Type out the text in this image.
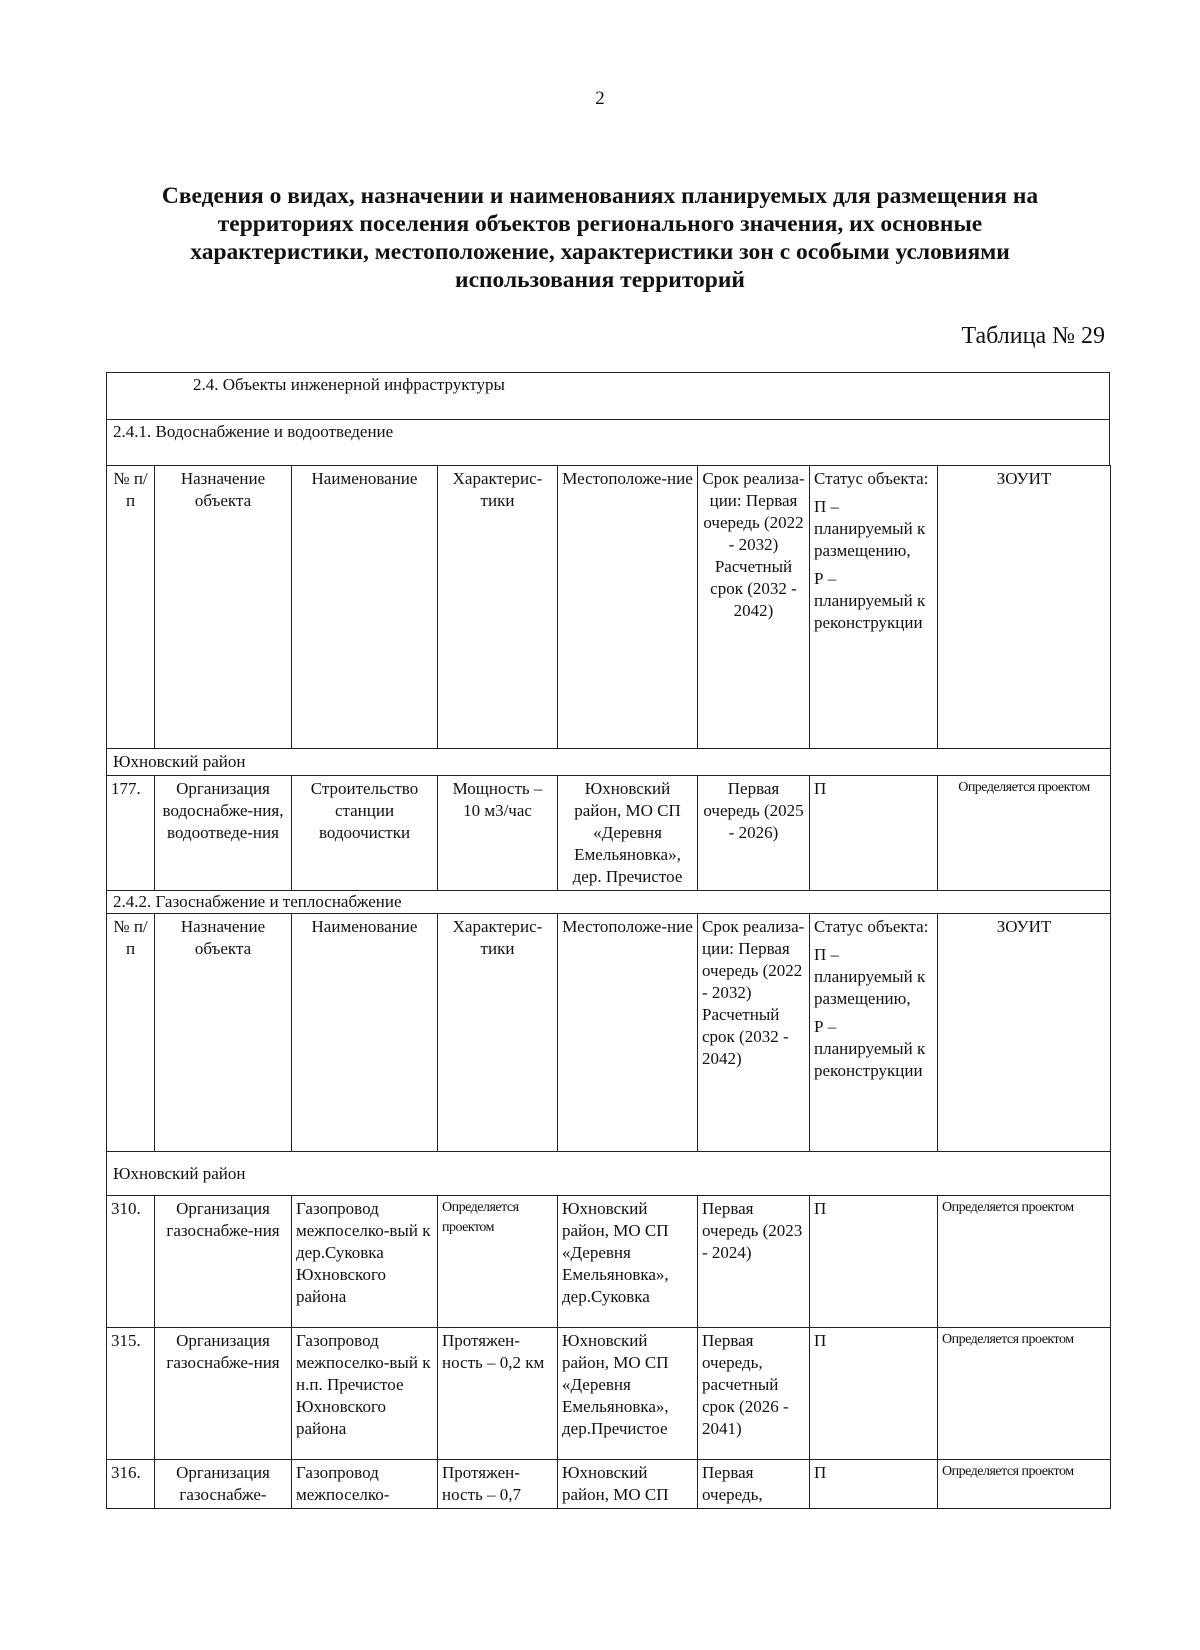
2
Сведения о видах, назначении и наименованиях планируемых для размещения на территориях поселения объектов регионального значения, их основные характеристики, местоположение, характеристики зон с особыми условиями использования территорий
Таблица № 29
2.4. Объекты инженерной инфраструктуры
2.4.1. Водоснабжение и водоотведение
№ п/п	Назначение объекта	Наименование	Характерис-тики	Местоположе-ние	Срок реализа-ции: Первая очередь (2022 - 2032) Расчетный срок (2032 - 2042)	Статус объекта:

П – планируемый к размещению,

Р – планируемый к реконструкции	ЗОУИТ
Юхновский район							
177.	Организация водоснабже-ния, водоотведе-ния	Строительство станции водоочистки	Мощность – 10 м3/час	Юхновский район, МО СП «Деревня Емельяновка», дер. Пречистое	Первая очередь (2025 - 2026)	П	Определяется проектом
2.4.2. Газоснабжение и теплоснабжение							
№ п/п	Назначение объекта	Наименование	Характерис-тики	Местоположе-ние	Срок реализа-ции: Первая очередь (2022 - 2032) Расчетный срок (2032 - 2042)	Статус объекта:

П – планируемый к размещению,

Р – планируемый к реконструкции	ЗОУИТ
Юхновский район							
310.	Организация газоснабже-ния	Газопровод межпоселко-вый к дер.Суковка Юхновского района	Определяется проектом	Юхновский район, МО СП «Деревня Емельяновка», дер.Суковка	Первая очередь (2023 - 2024)	П	Определяется проектом
315.	Организация газоснабже-ния	Газопровод межпоселко-вый к н.п. Пречистое Юхновского района	Протяжен-ность – 0,2 км	Юхновский район, МО СП «Деревня Емельяновка», дер.Пречистое	Первая очередь, расчетный срок (2026 - 2041)	П	Определяется проектом
316.	Организация газоснабже-	Газопровод межпоселко-	Протяжен-ность – 0,7	Юхновский район, МО СП	Первая очередь,	П	Определяется проектом
